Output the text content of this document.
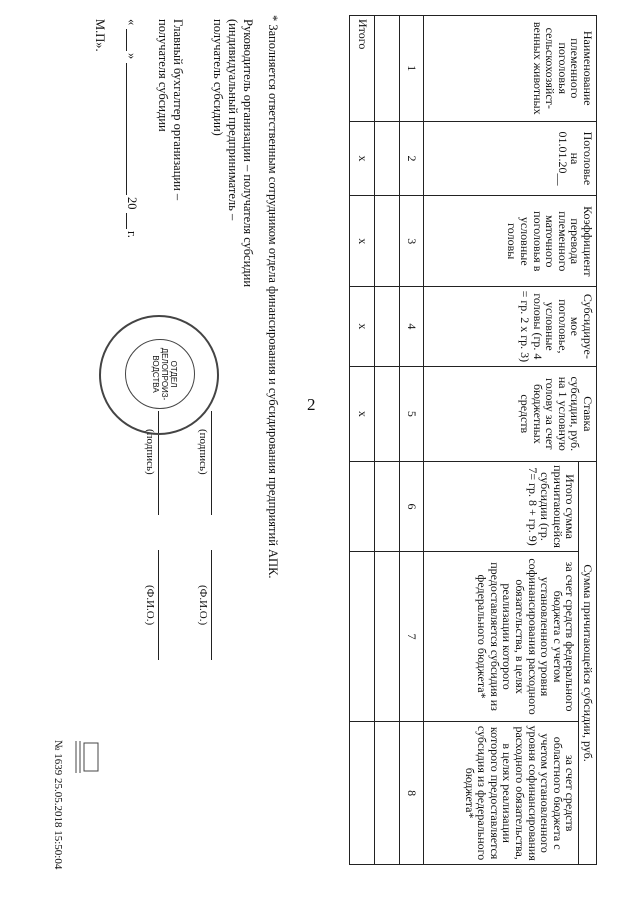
2
Наименование племенного поголовья сельскохозяйст-венных животных	Поголовье на 01.01.20__	Коэффициент перевода племенного маточного поголовья в условные головы	Субсидируе-мое поголовье, условные головы (гр. 4 = гр. 2 х гр. 3)	Ставка субсидии, руб. на 1 условную голову за счет бюджетных средств	Сумма причитающейся субсидии, руб.		
					Итого сумма причитающейся субсидии (гр. 7= гр. 8 + гр. 9)	за счет средств федерального бюджета с учетом установленного уровня софинансирования расходного обязательства, в целях реализации которого предоставляется субсидия из федерального бюджета*	за счет средств областного бюджета с учетом установленного уровня софинансирования расходного обязательства, в целях реализации которого предоставляется субсидия из федерального бюджета*
1	2	3	4	5	6	7	8

Итого	х	х	х	х			
* Заполняется ответственным сотрудником отдела финансирования и субсидирования предприятий АПК.
Руководитель организации – получателя субсидии
(индивидуальный предприниматель –
получатель субсидии)
(подпись)
(Ф.И.О.)
Главный бухгалтер организации –
получателя субсидии
(подпись)
(Ф.И.О.)
«
»
20
г.
М.П».
ОТДЕЛ ДЕЛОПРОИЗ-ВОДСТВА
№ 1639 25.05.2018 15:50:04
